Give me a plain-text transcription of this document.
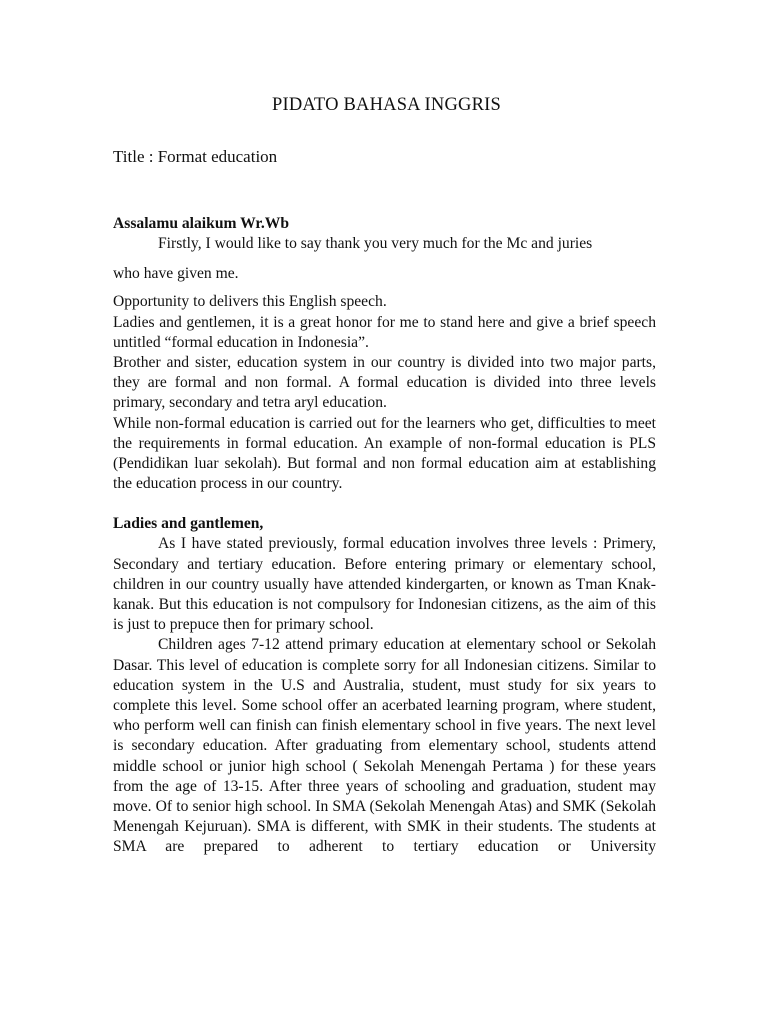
PIDATO BAHASA INGGRIS
Title : Format education
Assalamu alaikum Wr.Wb

Firstly, I would like to say thank you very much for the Mc and juries

who have given me.

Opportunity to delivers this English speech.

Ladies and gentlemen, it is a great honor for me to stand here and give a brief speech untitled “formal education in Indonesia”.

Brother and sister, education system in our country is divided into two major parts, they are formal and non formal. A formal education is divided into three levels primary, secondary and tetra aryl education.

While non-formal education is carried out for the learners who get, difficulties to meet the requirements in formal education. An example of non-formal education is PLS (Pendidikan luar sekolah). But formal and non formal education aim at establishing the education process in our country.

Ladies and gantlemen,

As I have stated previously, formal education involves three levels : Primery, Secondary and tertiary education. Before entering primary or elementary school, children in our country usually have attended kindergarten, or known as Tman Knak-kanak. But this education is not compulsory for Indonesian citizens, as the aim of this is just to prepuce then for primary school.

Children ages 7-12 attend primary education at elementary school or Sekolah Dasar. This level of education is complete sorry for all Indonesian citizens. Similar to education system in the U.S and Australia, student, must study for six years to complete this level. Some school offer an acerbated learning program, where student, who perform well can finish can finish elementary school in five years. The next level is secondary education. After graduating from elementary school, students attend middle school or junior high school ( Sekolah Menengah Pertama ) for these years from the age of 13-15. After three years of schooling and graduation, student may move. Of to senior high school. In SMA (Sekolah Menengah Atas) and SMK (Sekolah Menengah Kejuruan). SMA is different, with SMK in their students. The students at SMA are prepared to adherent to tertiary education or University
